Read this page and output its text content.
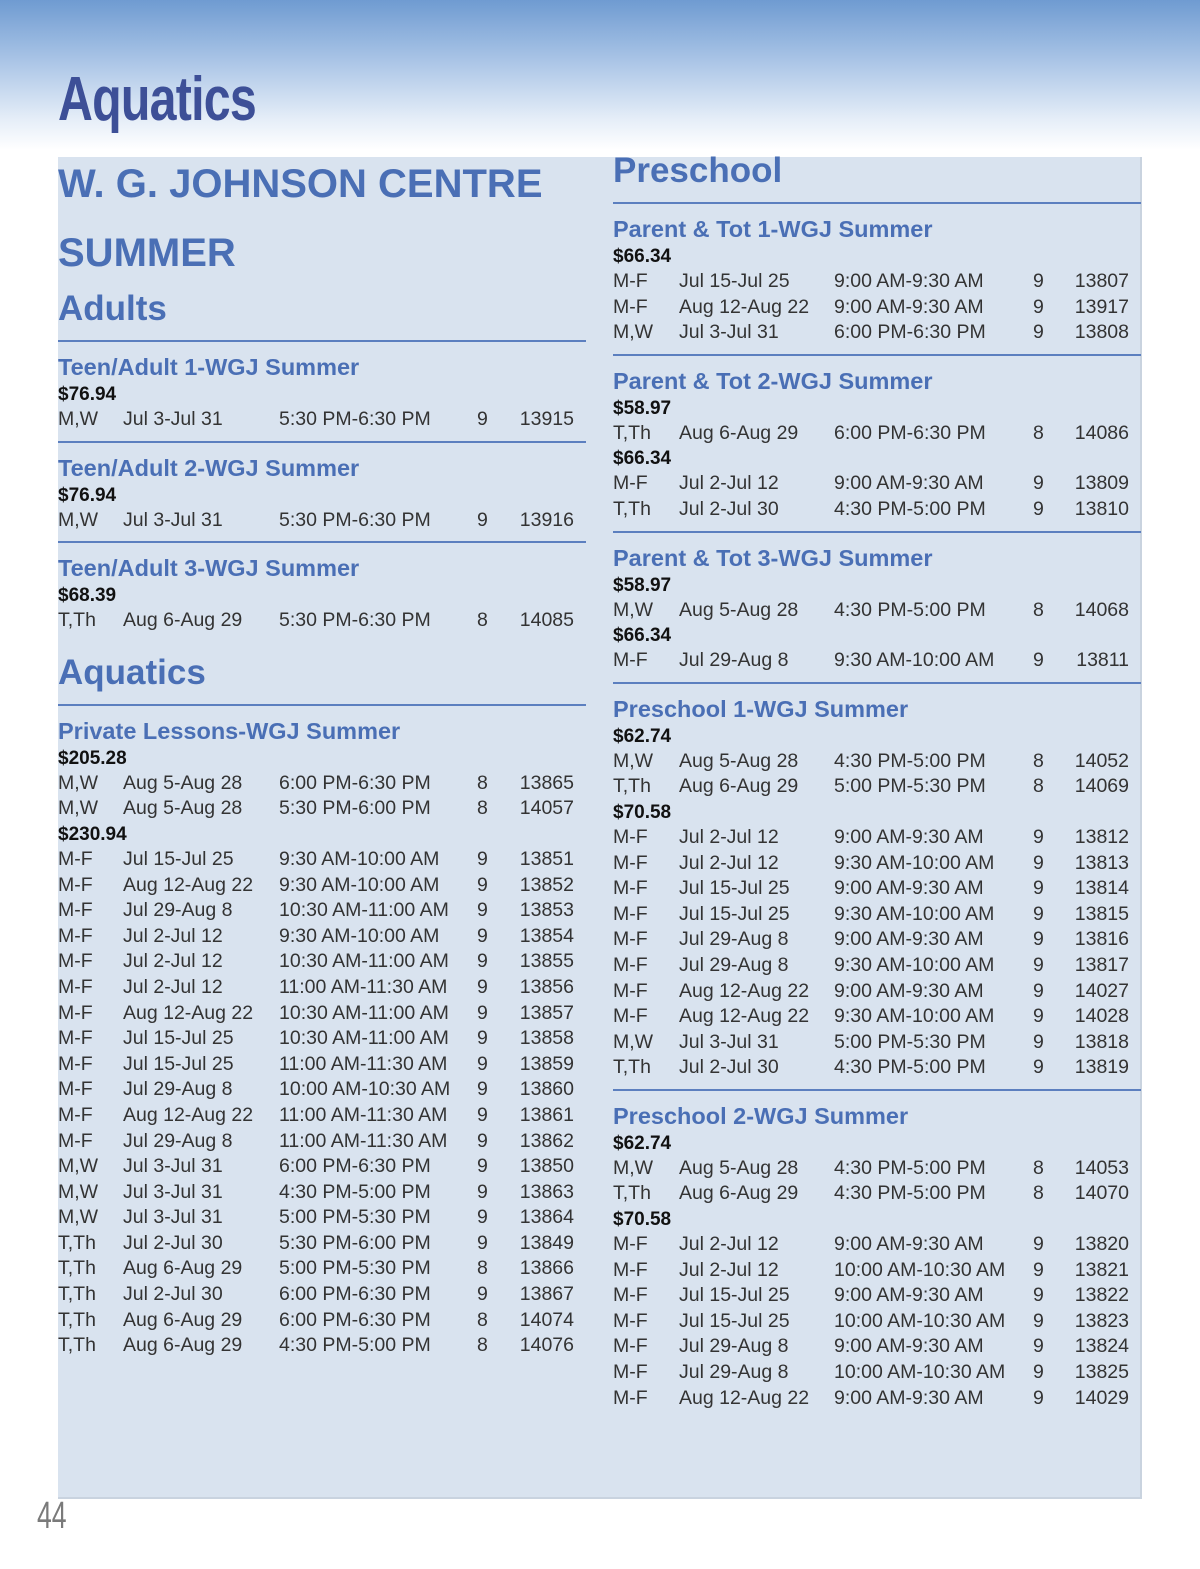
Aquatics

W. G. JOHNSON CENTRE

SUMMER

Adults

Teen/Adult 1-WGJ Summer

$76.94

M,W Jul 3-Jul 31	5:30 PM-6:30 PM 9 13915

Teen/Adult 2-WGJ Summer

$76.94

M,W Jul 3-Jul 31	5:30 PM-6:30 PM 9 13916

Teen/Adult 3-WGJ Summer

$68.39

T,Th Aug 6-Aug 29 5:30 PM-6:30 PM 8 14085

Aquatics

Private Lessons-WGJ Summer

$205.28

M,W Aug 5-Aug 28 6:00 PM-6:30 PM 8 13865
M,W Aug 5-Aug 28 5:30 PM-6:00 PM 8 14057

$230.94

M-F Jul 15-Jul 25 9:30 AM-10:00 AM 9 13851
M-F Aug 12-Aug 22 9:30 AM-10:00 AM 9 13852
M-F Jul 29-Aug 8 10:30 AM-11:00 AM 9 13853
M-F Jul 2-Jul 12	9:30 AM-10:00 AM 9 13854
M-F Jul 2-Jul 12	10:30 AM-11:00 AM 9 13855
M-F Jul 2-Jul 12	11:00 AM-11:30 AM 9 13856
M-F Aug 12-Aug 22 10:30 AM-11:00 AM 9 13857
M-F Jul 15-Jul 25 10:30 AM-11:00 AM 9 13858
M-F Jul 15-Jul 25 11:00 AM-11:30 AM 9 13859
M-F Jul 29-Aug 8 10:00 AM-10:30 AM 9 13860
M-F Aug 12-Aug 22 11:00 AM-11:30 AM 9 13861
M-F Jul 29-Aug 8 11:00 AM-11:30 AM 9 13862
M,W Jul 3-Jul 31	6:00 PM-6:30 PM 9 13850
M,W Jul 3-Jul 31	4:30 PM-5:00 PM 9 13863
M,W Jul 3-Jul 31	5:00 PM-5:30 PM 9 13864
T,Th Jul 2-Jul 30	5:30 PM-6:00 PM 9 13849
T,Th Aug 6-Aug 29 5:00 PM-5:30 PM 8 13866
T,Th Jul 2-Jul 30	6:00 PM-6:30 PM 9 13867
T,Th Aug 6-Aug 29 6:00 PM-6:30 PM 8 14074
T,Th Aug 6-Aug 29 4:30 PM-5:00 PM 8 14076

Preschool

Parent & Tot 1-WGJ Summer

$66.34

M-F Jul 15-Jul 25 9:00 AM-9:30 AM	9 13807
M-F Aug 12-Aug 22 9:00 AM-9:30 AM	9 13917
M,W Jul 3-Jul 31	6:00 PM-6:30 PM 9 13808

Parent & Tot 2-WGJ Summer

$58.97

T,Th Aug 6-Aug 29 6:00 PM-6:30 PM 8 14086

$66.34

M-F Jul 2-Jul 12	9:00 AM-9:30 AM	9 13809
T,Th Jul 2-Jul 30	4:30 PM-5:00 PM 9 13810

Parent & Tot 3-WGJ Summer

$58.97

M,W Aug 5-Aug 28 4:30 PM-5:00 PM 8 14068

$66.34

M-F Jul 29-Aug 8 9:30 AM-10:00 AM 9 13811

Preschool 1-WGJ Summer

$62.74

M,W Aug 5-Aug 28 4:30 PM-5:00 PM 8 14052
T,Th Aug 6-Aug 29 5:00 PM-5:30 PM 8 14069

$70.58

M-F Jul 2-Jul 12	9:00 AM-9:30 AM	9 13812
M-F Jul 2-Jul 12	9:30 AM-10:00 AM 9 13813
M-F Jul 15-Jul 25 9:00 AM-9:30 AM	9 13814
M-F Jul 15-Jul 25 9:30 AM-10:00 AM 9 13815
M-F Jul 29-Aug 8 9:00 AM-9:30 AM	9 13816
M-F Jul 29-Aug 8 9:30 AM-10:00 AM 9 13817
M-F Aug 12-Aug 22 9:00 AM-9:30 AM	9 14027
M-F Aug 12-Aug 22 9:30 AM-10:00 AM 9 14028
M,W Jul 3-Jul 31	5:00 PM-5:30 PM 9 13818
T,Th Jul 2-Jul 30	4:30 PM-5:00 PM 9 13819

Preschool 2-WGJ Summer

$62.74

M,W Aug 5-Aug 28 4:30 PM-5:00 PM 8 14053
T,Th Aug 6-Aug 29 4:30 PM-5:00 PM 8 14070

$70.58

M-F Jul 2-Jul 12	9:00 AM-9:30 AM	9 13820
M-F Jul 2-Jul 12	10:00 AM-10:30 AM 9 13821
M-F Jul 15-Jul 25 9:00 AM-9:30 AM	9 13822
M-F Jul 15-Jul 25 10:00 AM-10:30 AM 9 13823
M-F Jul 29-Aug 8 9:00 AM-9:30 AM	9 13824
M-F Jul 29-Aug 8 10:00 AM-10:30 AM 9 13825
M-F Aug 12-Aug 22 9:00 AM-9:30 AM	9 14029
44
